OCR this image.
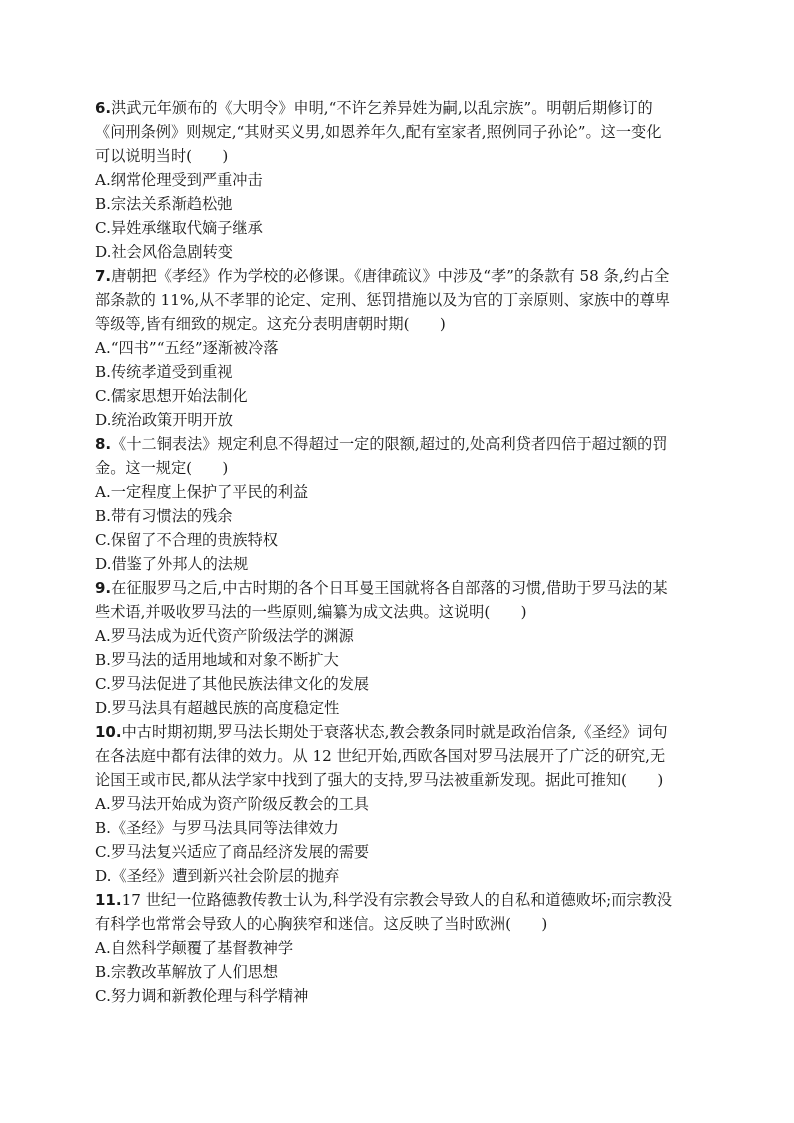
6.洪武元年颁布的《大明令》申明,“不许乞养异姓为嗣,以乱宗族”。明朝后期修订的
《问刑条例》则规定,“其财买义男,如恩养年久,配有室家者,照例同子孙论”。这一变化
可以说明当时(　　)
A.纲常伦理受到严重冲击
B.宗法关系渐趋松弛
C.异姓承继取代嫡子继承
D.社会风俗急剧转变
7.唐朝把《孝经》作为学校的必修课。《唐律疏议》中涉及“孝”的条款有 58 条,约占全
部条款的 11%,从不孝罪的论定、定刑、惩罚措施以及为官的丁亲原则、家族中的尊卑
等级等,皆有细致的规定。这充分表明唐朝时期(　　)
A.“四书”“五经”逐渐被冷落
B.传统孝道受到重视
C.儒家思想开始法制化
D.统治政策开明开放
8.《十二铜表法》规定利息不得超过一定的限额,超过的,处高利贷者四倍于超过额的罚
金。这一规定(　　)
A.一定程度上保护了平民的利益
B.带有习惯法的残余
C.保留了不合理的贵族特权
D.借鉴了外邦人的法规
9.在征服罗马之后,中古时期的各个日耳曼王国就将各自部落的习惯,借助于罗马法的某
些术语,并吸收罗马法的一些原则,编纂为成文法典。这说明(　　)
A.罗马法成为近代资产阶级法学的渊源
B.罗马法的适用地域和对象不断扩大
C.罗马法促进了其他民族法律文化的发展
D.罗马法具有超越民族的高度稳定性
10.中古时期初期,罗马法长期处于衰落状态,教会教条同时就是政治信条,《圣经》词句
在各法庭中都有法律的效力。从 12 世纪开始,西欧各国对罗马法展开了广泛的研究,无
论国王或市民,都从法学家中找到了强大的支持,罗马法被重新发现。据此可推知(　　)
A.罗马法开始成为资产阶级反教会的工具
B.《圣经》与罗马法具同等法律效力
C.罗马法复兴适应了商品经济发展的需要
D.《圣经》遭到新兴社会阶层的抛弃
11.17 世纪一位路德教传教士认为,科学没有宗教会导致人的自私和道德败坏;而宗教没
有科学也常常会导致人的心胸狭窄和迷信。这反映了当时欧洲(　　)
A.自然科学颠覆了基督教神学
B.宗教改革解放了人们思想
C.努力调和新教伦理与科学精神
